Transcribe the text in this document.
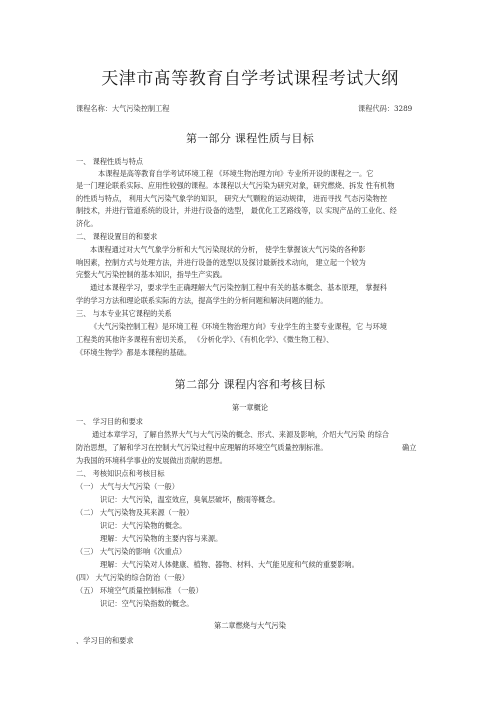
天津市髙等教育自学考试课程考试大纲
课程名称：大气污染控制工程	课程代码：3289
第一部分 课程性质与目标
一、 课程性质与特点
本课程是高等教育自学考试环境工程 《环境生物治理方向》专业所开设的课程之一。它
是一门理论联系实际、应用性较强的课程。本课程以大气污染为研究对象，研究燃烧、拆发 性有机物
的性质与特点， 利用大气污染气象学的知识， 研究大气颗粒的运动规律， 进而寻找 气态污染物控
制技术，并进行管道系统的设计，并进行设备的选型， 最优化工艺路线等，以 实现产品的工业化、经
济化。
二、 课程设置目的和要求
本课程通过对大气气象学分析和大气污染现状的分析， 使学生掌握该大气污染的各种影
响因素，控制方式与处理方法，并进行设备的选型以及探讨最新技术动向， 建立起一个较为
完整大气污染控制的基本知识，指导生产实践。
通过本课程学习，要求学生正确理解大气污染控制工程中有关的基本概念、基本原理， 掌握科
学的学习方法和理论联系实际的方法，提高学生的分析问题和解决问题的能力。
三、 与本专业其它课程的关系
《大气污染控制工程》是环境工程《环境生物治理方向》专业学生的主要专业课程，它 与环境
工程类的其他许多课程有密切关系， 《分析化学》、《有机化学》、《微生物工程》、
《环境生物学》都是本课程的基础。
第二部分 课程内容和考核目标
第一章概论
一、 学习目的和要求
通过本章学习，了解自然界大气与大气污染的概念、形式、来源及影响，介绍大气污染 的综合
防治思想，了解和学习在控制大气污染过程中应理解的环境空气质量控制标准。
为我国的环境科学事业的发展做出贡献的思想。
确立
二、 考核知识点和考核目标
（一） 大气与大气污染（一般）
识记：大气污染，温室效应，臭氧层破坏，酸雨等概念。
（二） 大气污染物及其来源（一般）
识记：大气污染物的概念。
理解：大气污染物的主要内容与来源。
（三） 大气污染的影响《次重点）
理解：大气污染对人体健康、植物、器物、材料、大气能见度和气候的重要影响。
(四） 大气污染的综合防治（一般）
（五） 环境空气质量控制标准 （一般）
识记：空气污染指数的概念。
第二章燃烧与大气污染
、学习目的和要求
